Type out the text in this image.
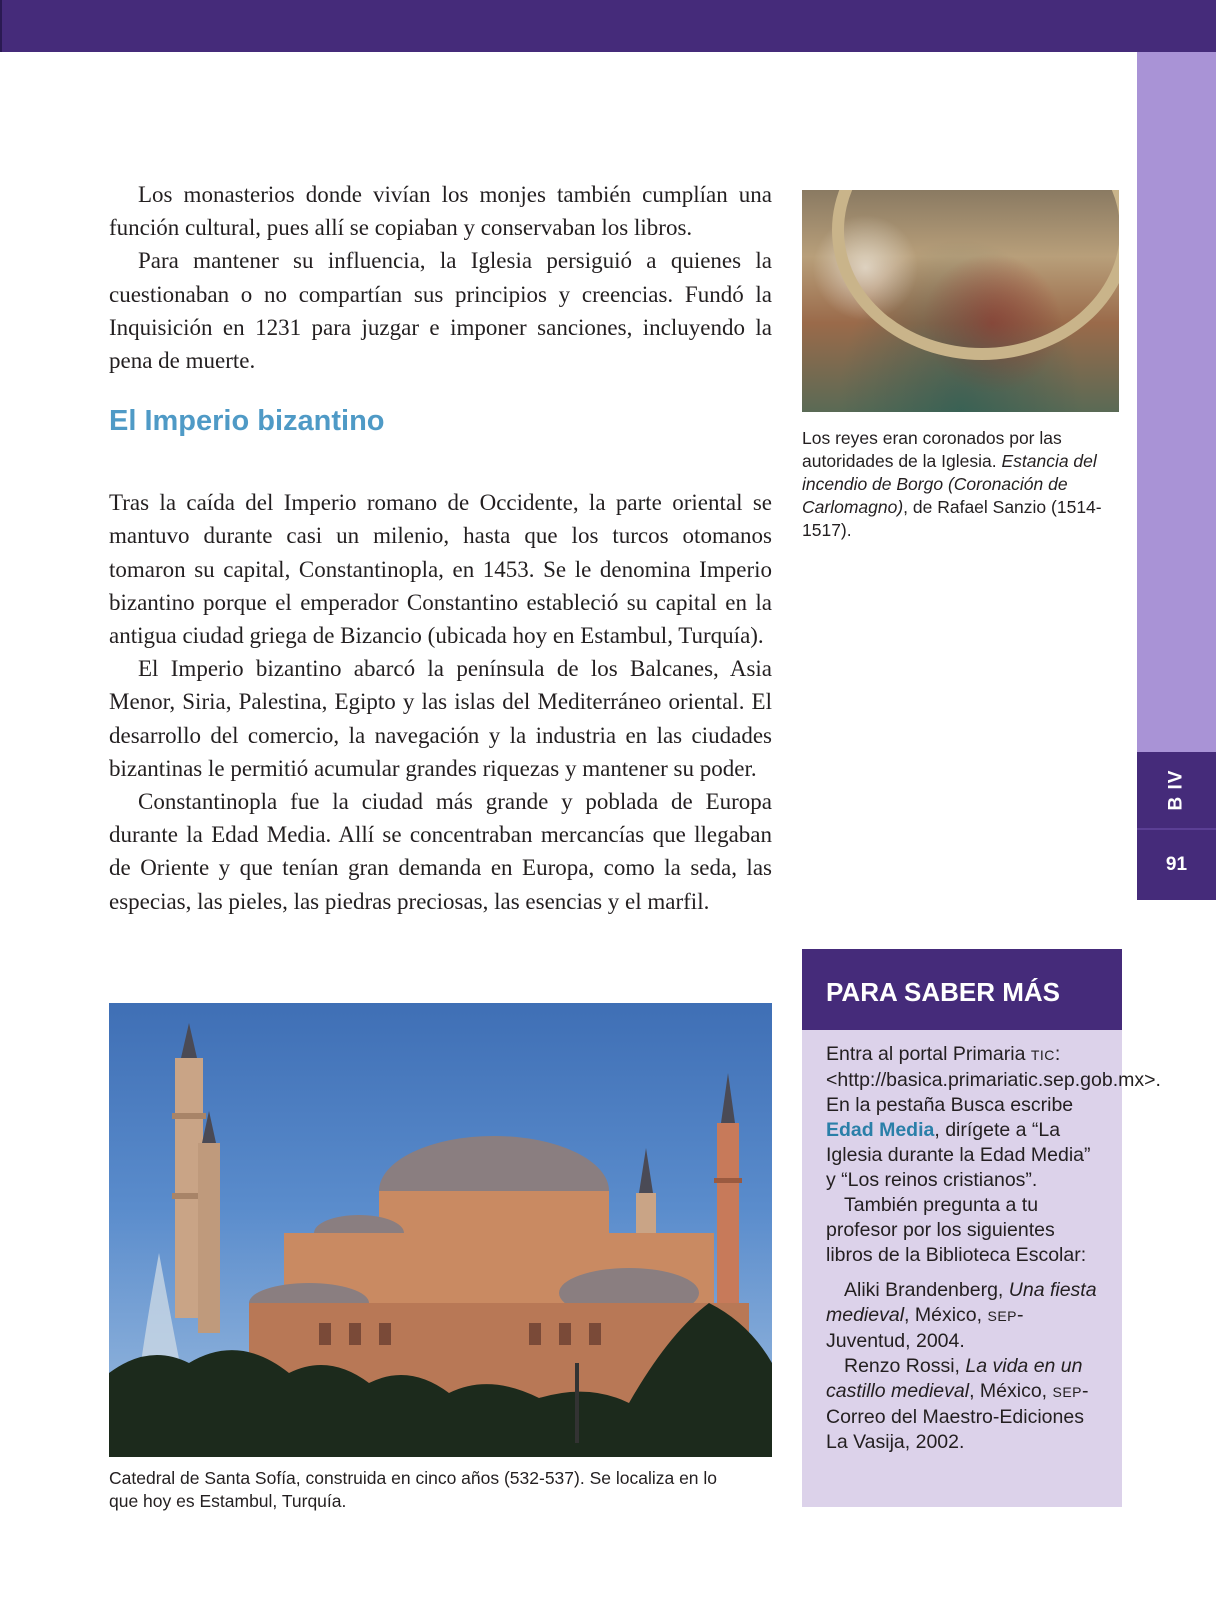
B IV
91

Los monasterios donde vivían los monjes también cumplían una función cultural, pues allí se copiaban y conservaban los libros.

Para mantener su influencia, la Iglesia persiguió a quienes la cuestionaban o no compartían sus principios y creencias. Fundó la Inquisición en 1231 para juzgar e imponer sanciones, incluyendo la pena de muerte.

El Imperio bizantino

Tras la caída del Imperio romano de Occidente, la parte oriental se mantuvo durante casi un milenio, hasta que los turcos otomanos tomaron su capital, Constantinopla, en 1453. Se le denomina Imperio bizantino porque el emperador Constantino estableció su capital en la antigua ciudad griega de Bizancio (ubicada hoy en Estambul, Turquía).

El Imperio bizantino abarcó la península de los Balcanes, Asia Menor, Siria, Palestina, Egipto y las islas del Mediterráneo oriental. El desarrollo del comercio, la navegación y la industria en las ciudades bizantinas le permitió acumular grandes riquezas y mantener su poder.

Constantinopla fue la ciudad más grande y poblada de Europa durante la Edad Media. Allí se concentraban mercancías que llegaban de Oriente y que tenían gran demanda en Europa, como la seda, las especias, las pieles, las piedras preciosas, las esencias y el marfil.

Los reyes eran coronados por las autoridades de la Iglesia. Estancia del incendio de Borgo (Coronación de Carlomagno), de Rafael Sanzio (1514-1517).
Catedral de Santa Sofía, construida en cinco años (532-537). Se localiza en lo que hoy es Estambul, Turquía.
PARA SABER MÁS

Entra al portal Primaria TIC: <http://basica.primariatic.sep.gob.mx>. En la pestaña Busca escribe Edad Media, dirígete a “La Iglesia durante la Edad Media” y “Los reinos cristianos”.

También pregunta a tu profesor por los siguientes libros de la Biblioteca Escolar:

Aliki Brandenberg, Una fiesta medieval, México, SEP-Juventud, 2004.

Renzo Rossi, La vida en un castillo medieval, México, SEP-Correo del Maestro-Ediciones La Vasija, 2002.
